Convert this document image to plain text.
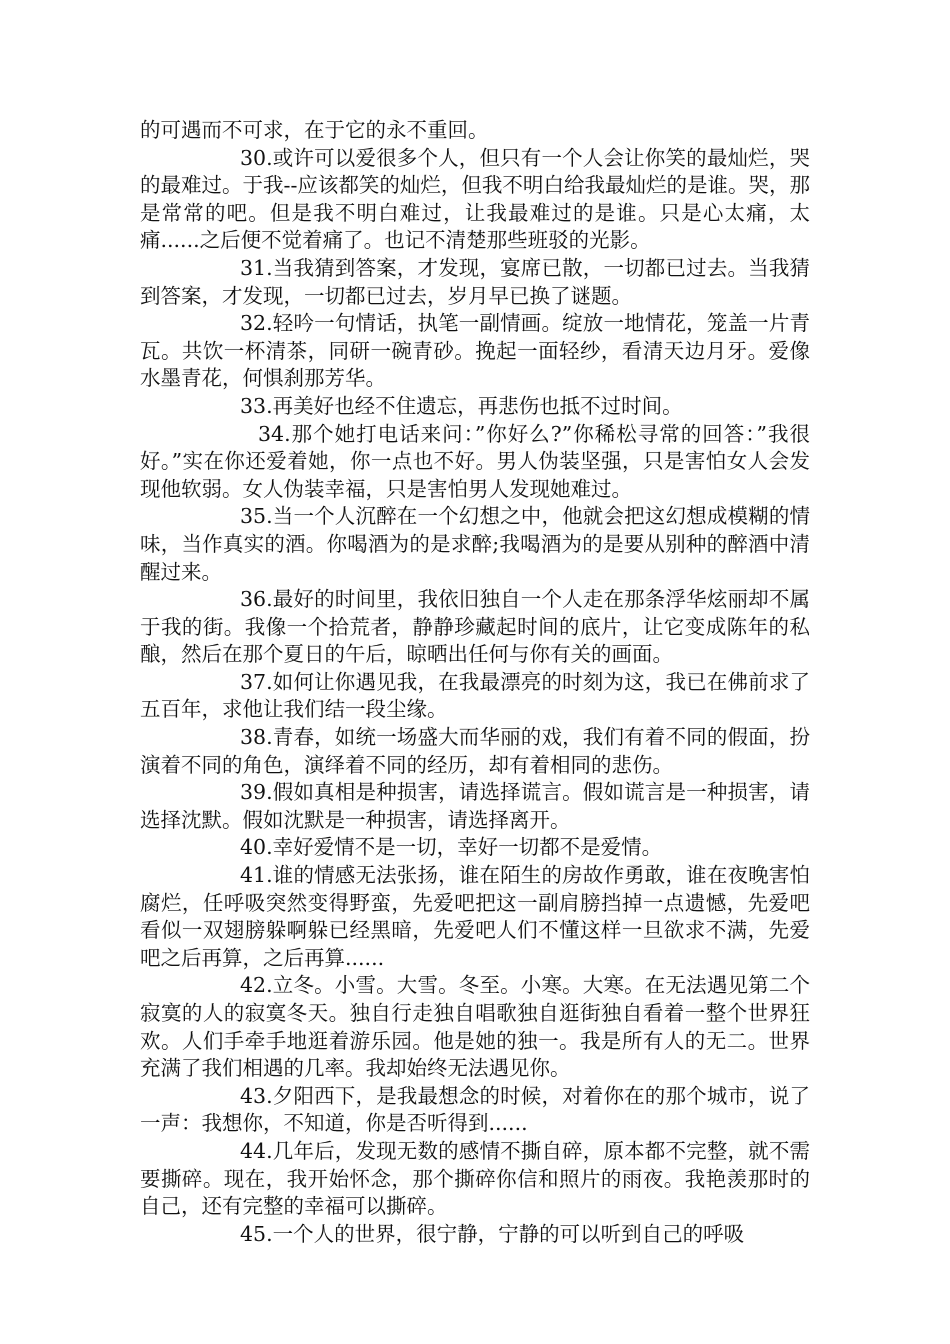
的可遇而不可求，在于它的永不重回。

30.或许可以爱很多个人，但只有一个人会让你笑的最灿烂，哭的最难过。于我--应该都笑的灿烂，但我不明白给我最灿烂的是谁。哭，那是常常的吧。但是我不明白难过，让我最难过的是谁。只是心太痛，太痛......之后便不觉着痛了。也记不清楚那些班驳的光影。

31.当我猜到答案，才发现，宴席已散，一切都已过去。当我猜到答案，才发现，一切都已过去，岁月早已换了谜题。

32.轻吟一句情话，执笔一副情画。绽放一地情花，笼盖一片青瓦。共饮一杯清茶，同研一碗青砂。挽起一面轻纱，看清天边月牙。爱像水墨青花，何惧刹那芳华。

33.再美好也经不住遗忘，再悲伤也抵不过时间。

34.那个她打电话来问：”你好么?”你稀松寻常的回答：”我很好。”实在你还爱着她，你一点也不好。男人伪装坚强，只是害怕女人会发现他软弱。女人伪装幸福，只是害怕男人发现她难过。

35.当一个人沉醉在一个幻想之中，他就会把这幻想成模糊的情味，当作真实的酒。你喝酒为的是求醉;我喝酒为的是要从别种的醉酒中清醒过来。

36.最好的时间里，我依旧独自一个人走在那条浮华炫丽却不属于我的街。我像一个拾荒者，静静珍藏起时间的底片，让它变成陈年的私酿，然后在那个夏日的午后，晾晒出任何与你有关的画面。

37.如何让你遇见我，在我最漂亮的时刻为这，我已在佛前求了五百年，求他让我们结一段尘缘。

38.青春，如统一场盛大而华丽的戏，我们有着不同的假面，扮演着不同的角色，演绎着不同的经历，却有着相同的悲伤。

39.假如真相是种损害，请选择谎言。假如谎言是一种损害，请选择沈默。假如沈默是一种损害，请选择离开。

40.幸好爱情不是一切，幸好一切都不是爱情。

41.谁的情感无法张扬，谁在陌生的房故作勇敢，谁在夜晚害怕腐烂，任呼吸突然变得野蛮，先爱吧把这一副肩膀挡掉一点遗憾，先爱吧看似一双翅膀躲啊躲已经黑暗，先爱吧人们不懂这样一旦欲求不满，先爱吧之后再算，之后再算......

42.立冬。小雪。大雪。冬至。小寒。大寒。在无法遇见第二个寂寞的人的寂寞冬天。独自行走独自唱歌独自逛街独自看着一整个世界狂欢。人们手牵手地逛着游乐园。他是她的独一。我是所有人的无二。世界充满了我们相遇的几率。我却始终无法遇见你。

43.夕阳西下，是我最想念的时候，对着你在的那个城市，说了一声：我想你，不知道，你是否听得到......

44.几年后，发现无数的感情不撕自碎，原本都不完整，就不需要撕碎。现在，我开始怀念，那个撕碎你信和照片的雨夜。我艳羡那时的自己，还有完整的幸福可以撕碎。

45.一个人的世界，很宁静，宁静的可以听到自己的呼吸
